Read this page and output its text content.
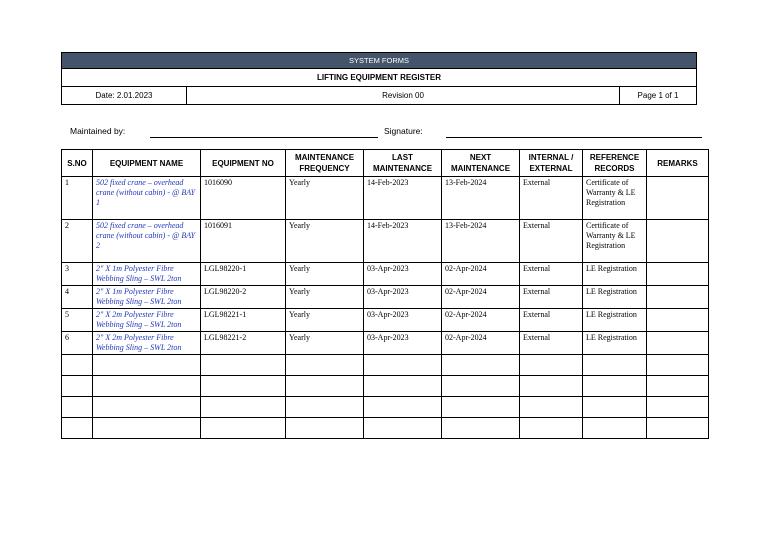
SYSTEM FORMS
LIFTING EQUIPMENT REGISTER
Date: 2.01.2023	Revision 00	Page 1 of 1
Maintained by:	Signature:
S.NO	EQUIPMENT NAME	EQUIPMENT NO	MAINTENANCE FREQUENCY	LAST MAINTENANCE	NEXT MAINTENANCE	INTERNAL / EXTERNAL	REFERENCE RECORDS	REMARKS
1	502 fixed crane – overhead crane (without cabin) - @ BAY 1	1016090	Yearly	14-Feb-2023	13-Feb-2024	External	Certificate of Warranty & LE Registration	
2	502 fixed crane – overhead crane (without cabin) - @ BAY 2	1016091	Yearly	14-Feb-2023	13-Feb-2024	External	Certificate of Warranty & LE Registration	
3	2" X 1m Polyester Fibre Webbing Sling – SWL 2ton	LGL98220-1	Yearly	03-Apr-2023	02-Apr-2024	External	LE Registration	
4	2" X 1m Polyester Fibre Webbing Sling – SWL 2ton	LGL98220-2	Yearly	03-Apr-2023	02-Apr-2024	External	LE Registration	
5	2" X 2m Polyester Fibre Webbing Sling – SWL 2ton	LGL98221-1	Yearly	03-Apr-2023	02-Apr-2024	External	LE Registration	
6	2" X 2m Polyester Fibre Webbing Sling – SWL 2ton	LGL98221-2	Yearly	03-Apr-2023	02-Apr-2024	External	LE Registration	
